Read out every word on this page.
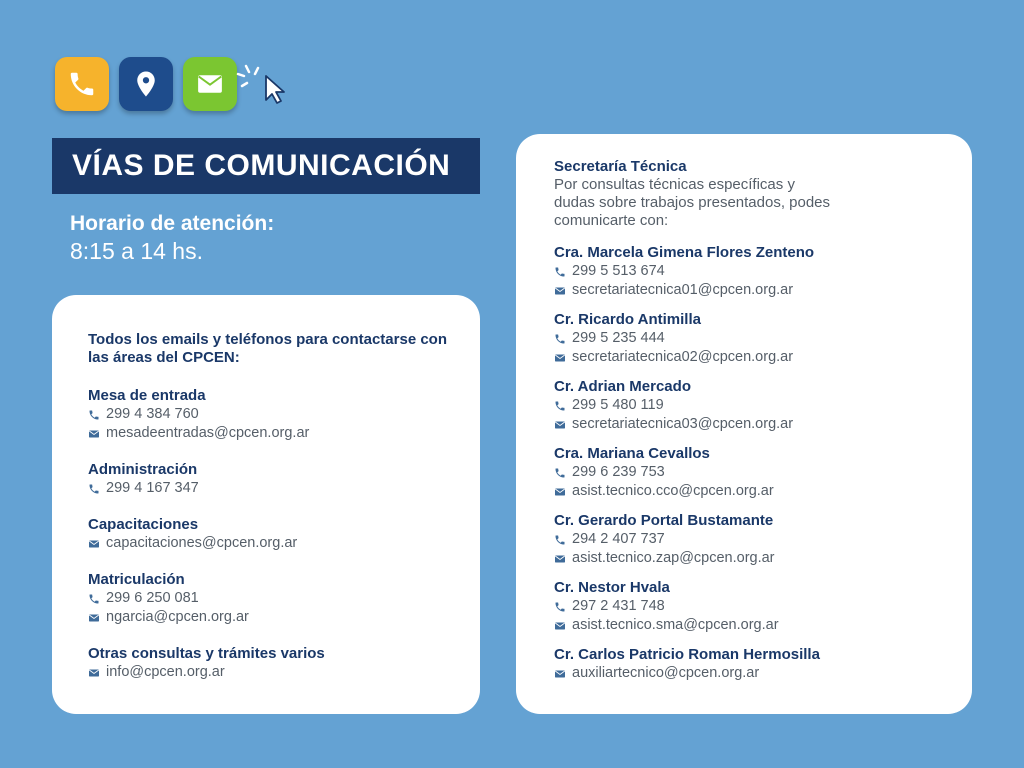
VÍAS DE COMUNICACIÓN
Horario de atención:
8:15 a 14 hs.
Todos los emails y teléfonos para contactarse con las áreas del CPCEN:
Mesa de entrada
299 4 384 760
mesadeentradas@cpcen.org.ar
Administración
299 4 167 347
Capacitaciones
capacitaciones@cpcen.org.ar
Matriculación
299 6 250 081
ngarcia@cpcen.org.ar
Otras consultas y trámites varios
info@cpcen.org.ar
Secretaría Técnica
Por consultas técnicas específicas y dudas sobre trabajos presentados, podes comunicarte con:
Cra. Marcela Gimena Flores Zenteno
299 5 513 674
secretariatecnica01@cpcen.org.ar
Cr. Ricardo Antimilla
299 5 235 444
secretariatecnica02@cpcen.org.ar
Cr. Adrian Mercado
299 5 480 119
secretariatecnica03@cpcen.org.ar
Cra. Mariana Cevallos
299 6 239 753
asist.tecnico.cco@cpcen.org.ar
Cr. Gerardo Portal Bustamante
294 2 407 737
asist.tecnico.zap@cpcen.org.ar
Cr. Nestor Hvala
297 2 431 748
asist.tecnico.sma@cpcen.org.ar
Cr. Carlos Patricio Roman Hermosilla
auxiliartecnico@cpcen.org.ar
